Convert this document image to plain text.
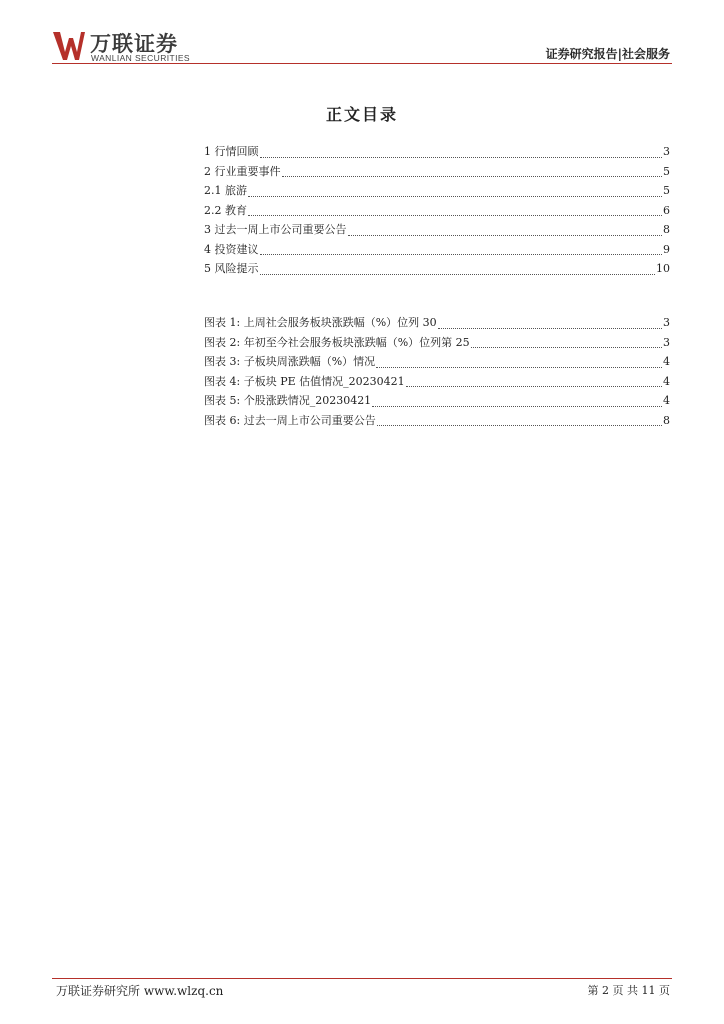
万联证券
WANLIAN SECURITIES	证券研究报告|社会服务
正文目录
1 行情回顾	3
2 行业重要事件	5
2.1 旅游	5
2.2 教育	6
3 过去一周上市公司重要公告	8
4 投资建议	9
5 风险提示	10
图表 1: 上周社会服务板块涨跌幅（%）位列 30	3
图表 2: 年初至今社会服务板块涨跌幅（%）位列第 25	3
图表 3: 子板块周涨跌幅（%）情况	4
图表 4: 子板块 PE 估值情况_20230421	4
图表 5: 个股涨跌情况_20230421	4
图表 6: 过去一周上市公司重要公告	8
万联证券研究所 www.wlzq.cn	第 2 页 共 11 页
